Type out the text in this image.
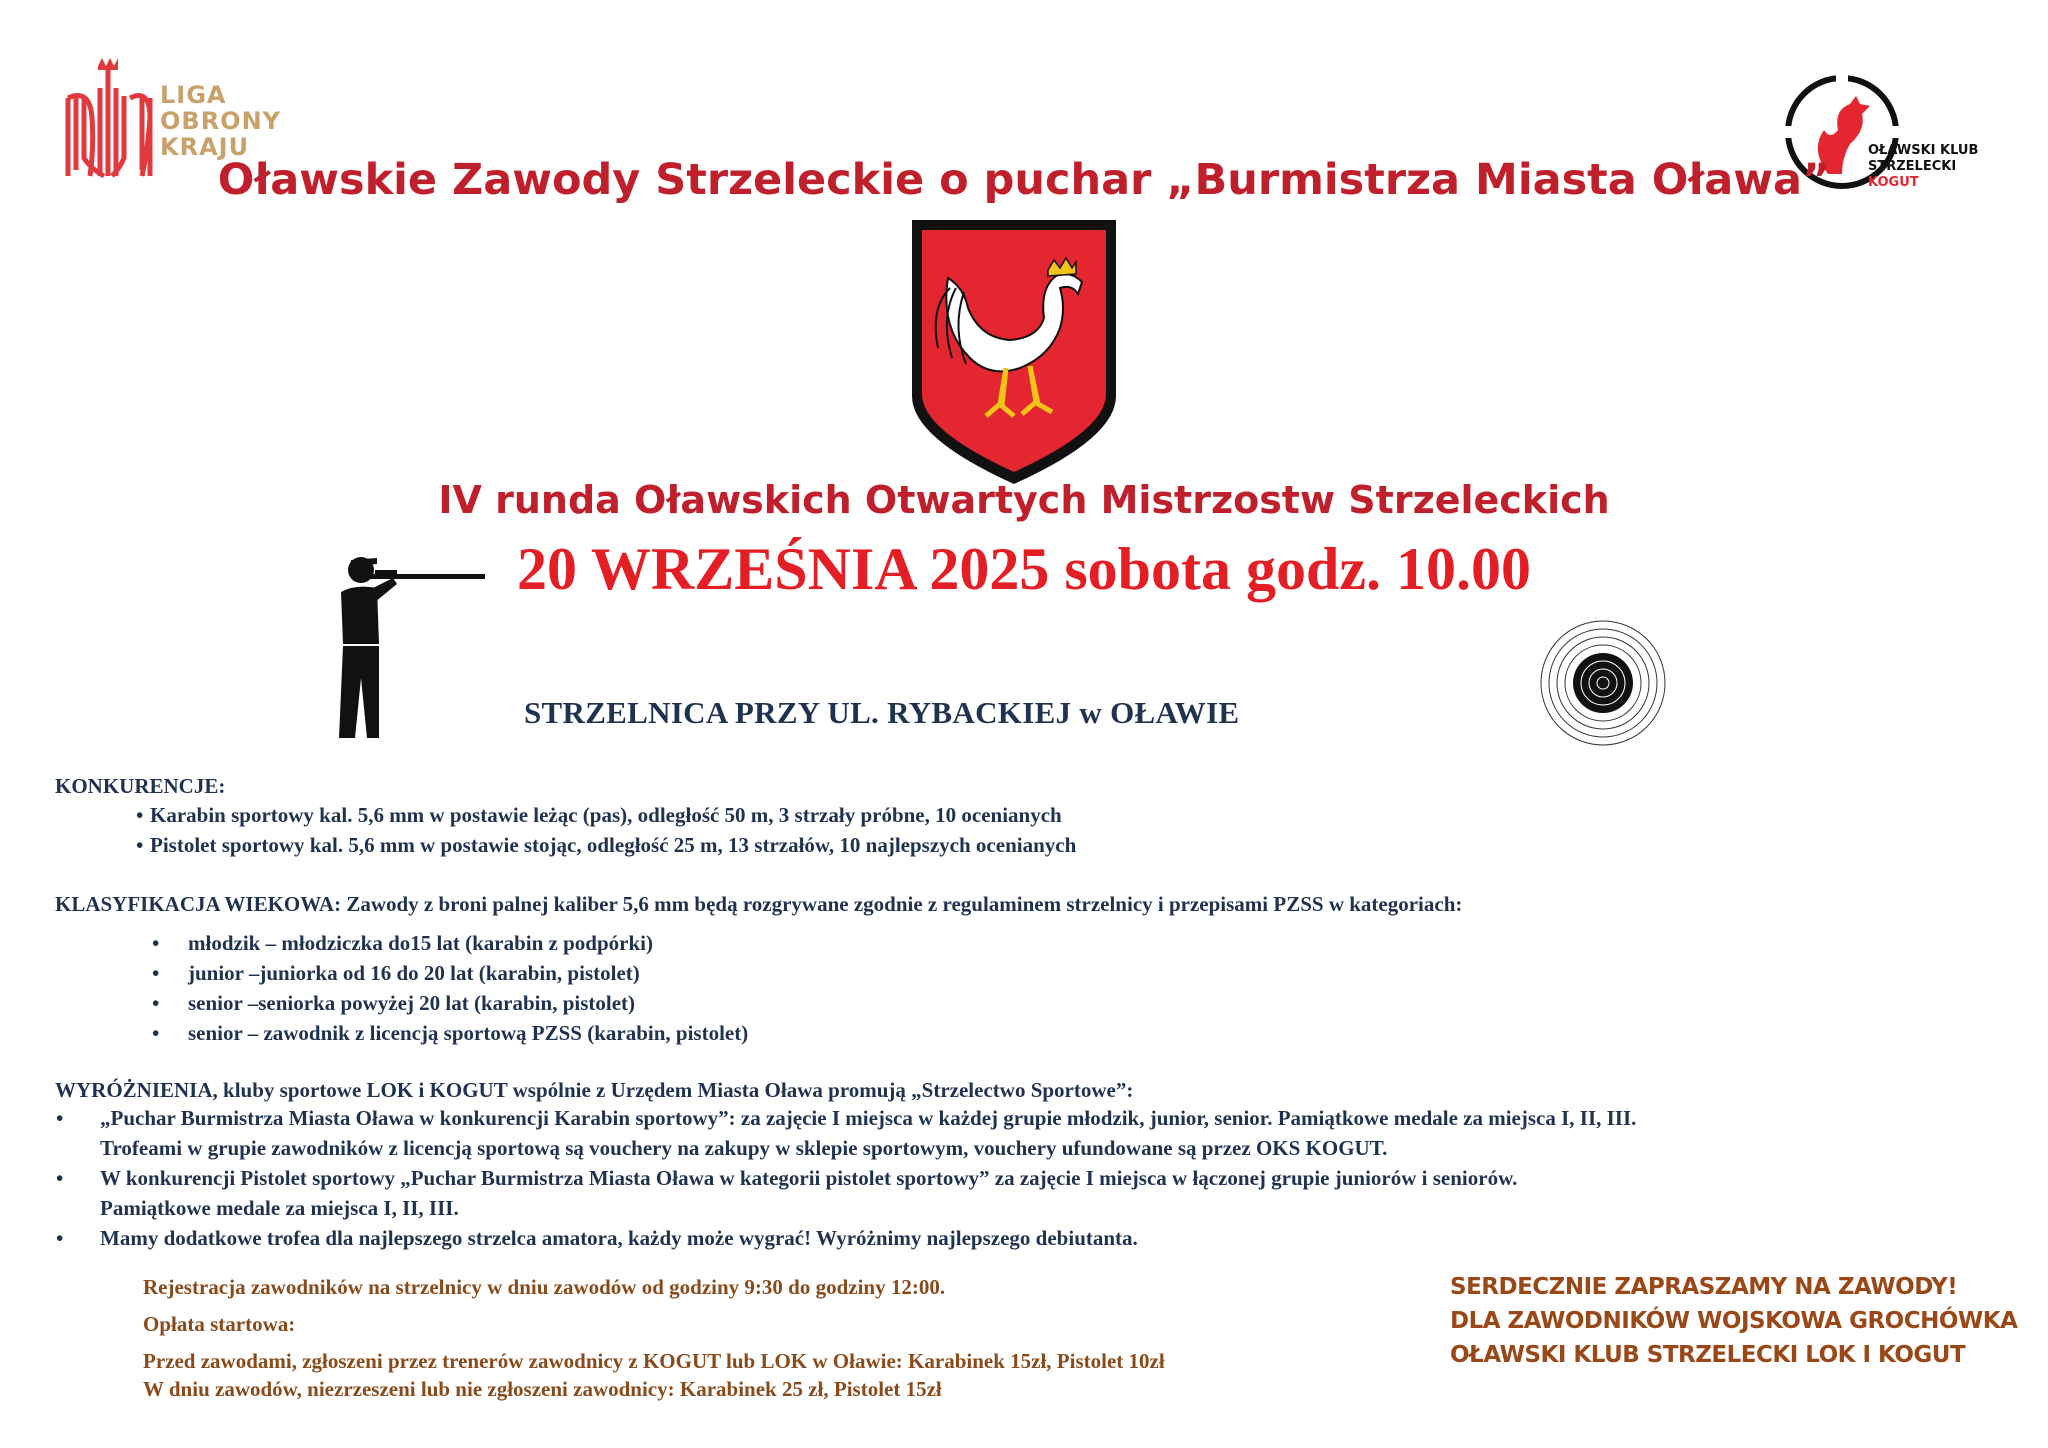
LIGA
OBRONY
KRAJU	OŁAWSKI KLUB
STRZELECKI
KOGUT
Oławskie Zawody Strzeleckie o puchar „Burmistrza Miasta Oława”
IV runda Oławskich Otwartych Mistrzostw Strzeleckich
20 WRZEŚNIA 2025 sobota godz. 10.00
STRZELNICA PRZY UL. RYBACKIEJ w OŁAWIE
KONKURENCJE:
• Karabin sportowy kal. 5,6 mm w postawie leżąc (pas), odległość 50 m, 3 strzały próbne, 10 ocenianych
• Pistolet sportowy kal. 5,6 mm w postawie stojąc, odległość 25 m, 13 strzałów, 10 najlepszych ocenianych
KLASYFIKACJA WIEKOWA: Zawody z broni palnej kaliber 5,6 mm będą rozgrywane zgodnie z regulaminem strzelnicy i przepisami PZSS w kategoriach:
• młodzik – młodziczka do15 lat (karabin z podpórki)
• junior –juniorka od 16 do 20 lat (karabin, pistolet)
• senior –seniorka powyżej 20 lat (karabin, pistolet)
• senior – zawodnik z licencją sportową PZSS (karabin, pistolet)
WYRÓŻNIENIA, kluby sportowe LOK i KOGUT wspólnie z Urzędem Miasta Oława promują „Strzelectwo Sportowe”:
• „Puchar Burmistrza Miasta Oława w konkurencji Karabin sportowy”: za zajęcie I miejsca w każdej grupie młodzik, junior, senior. Pamiątkowe medale za miejsca I, II, III.
Trofeami w grupie zawodników z licencją sportową są vouchery na zakupy w sklepie sportowym, vouchery ufundowane są przez OKS KOGUT.
• W konkurencji Pistolet sportowy „Puchar Burmistrza Miasta Oława w kategorii pistolet sportowy” za zajęcie I miejsca w łączonej grupie juniorów i seniorów.
Pamiątkowe medale za miejsca I, II, III.
• Mamy dodatkowe trofea dla najlepszego strzelca amatora, każdy może wygrać! Wyróżnimy najlepszego debiutanta.
Rejestracja zawodników na strzelnicy w dniu zawodów od godziny 9:30 do godziny 12:00.
Opłata startowa:
Przed zawodami, zgłoszeni przez trenerów zawodnicy z KOGUT lub LOK w Oławie: Karabinek 15zł, Pistolet 10zł
W dniu zawodów, niezrzeszeni lub nie zgłoszeni zawodnicy: Karabinek 25 zł, Pistolet 15zł
SERDECZNIE ZAPRASZAMY NA ZAWODY!
DLA ZAWODNIKÓW WOJSKOWA GROCHÓWKA
OŁAWSKI KLUB STRZELECKI LOK I KOGUT
